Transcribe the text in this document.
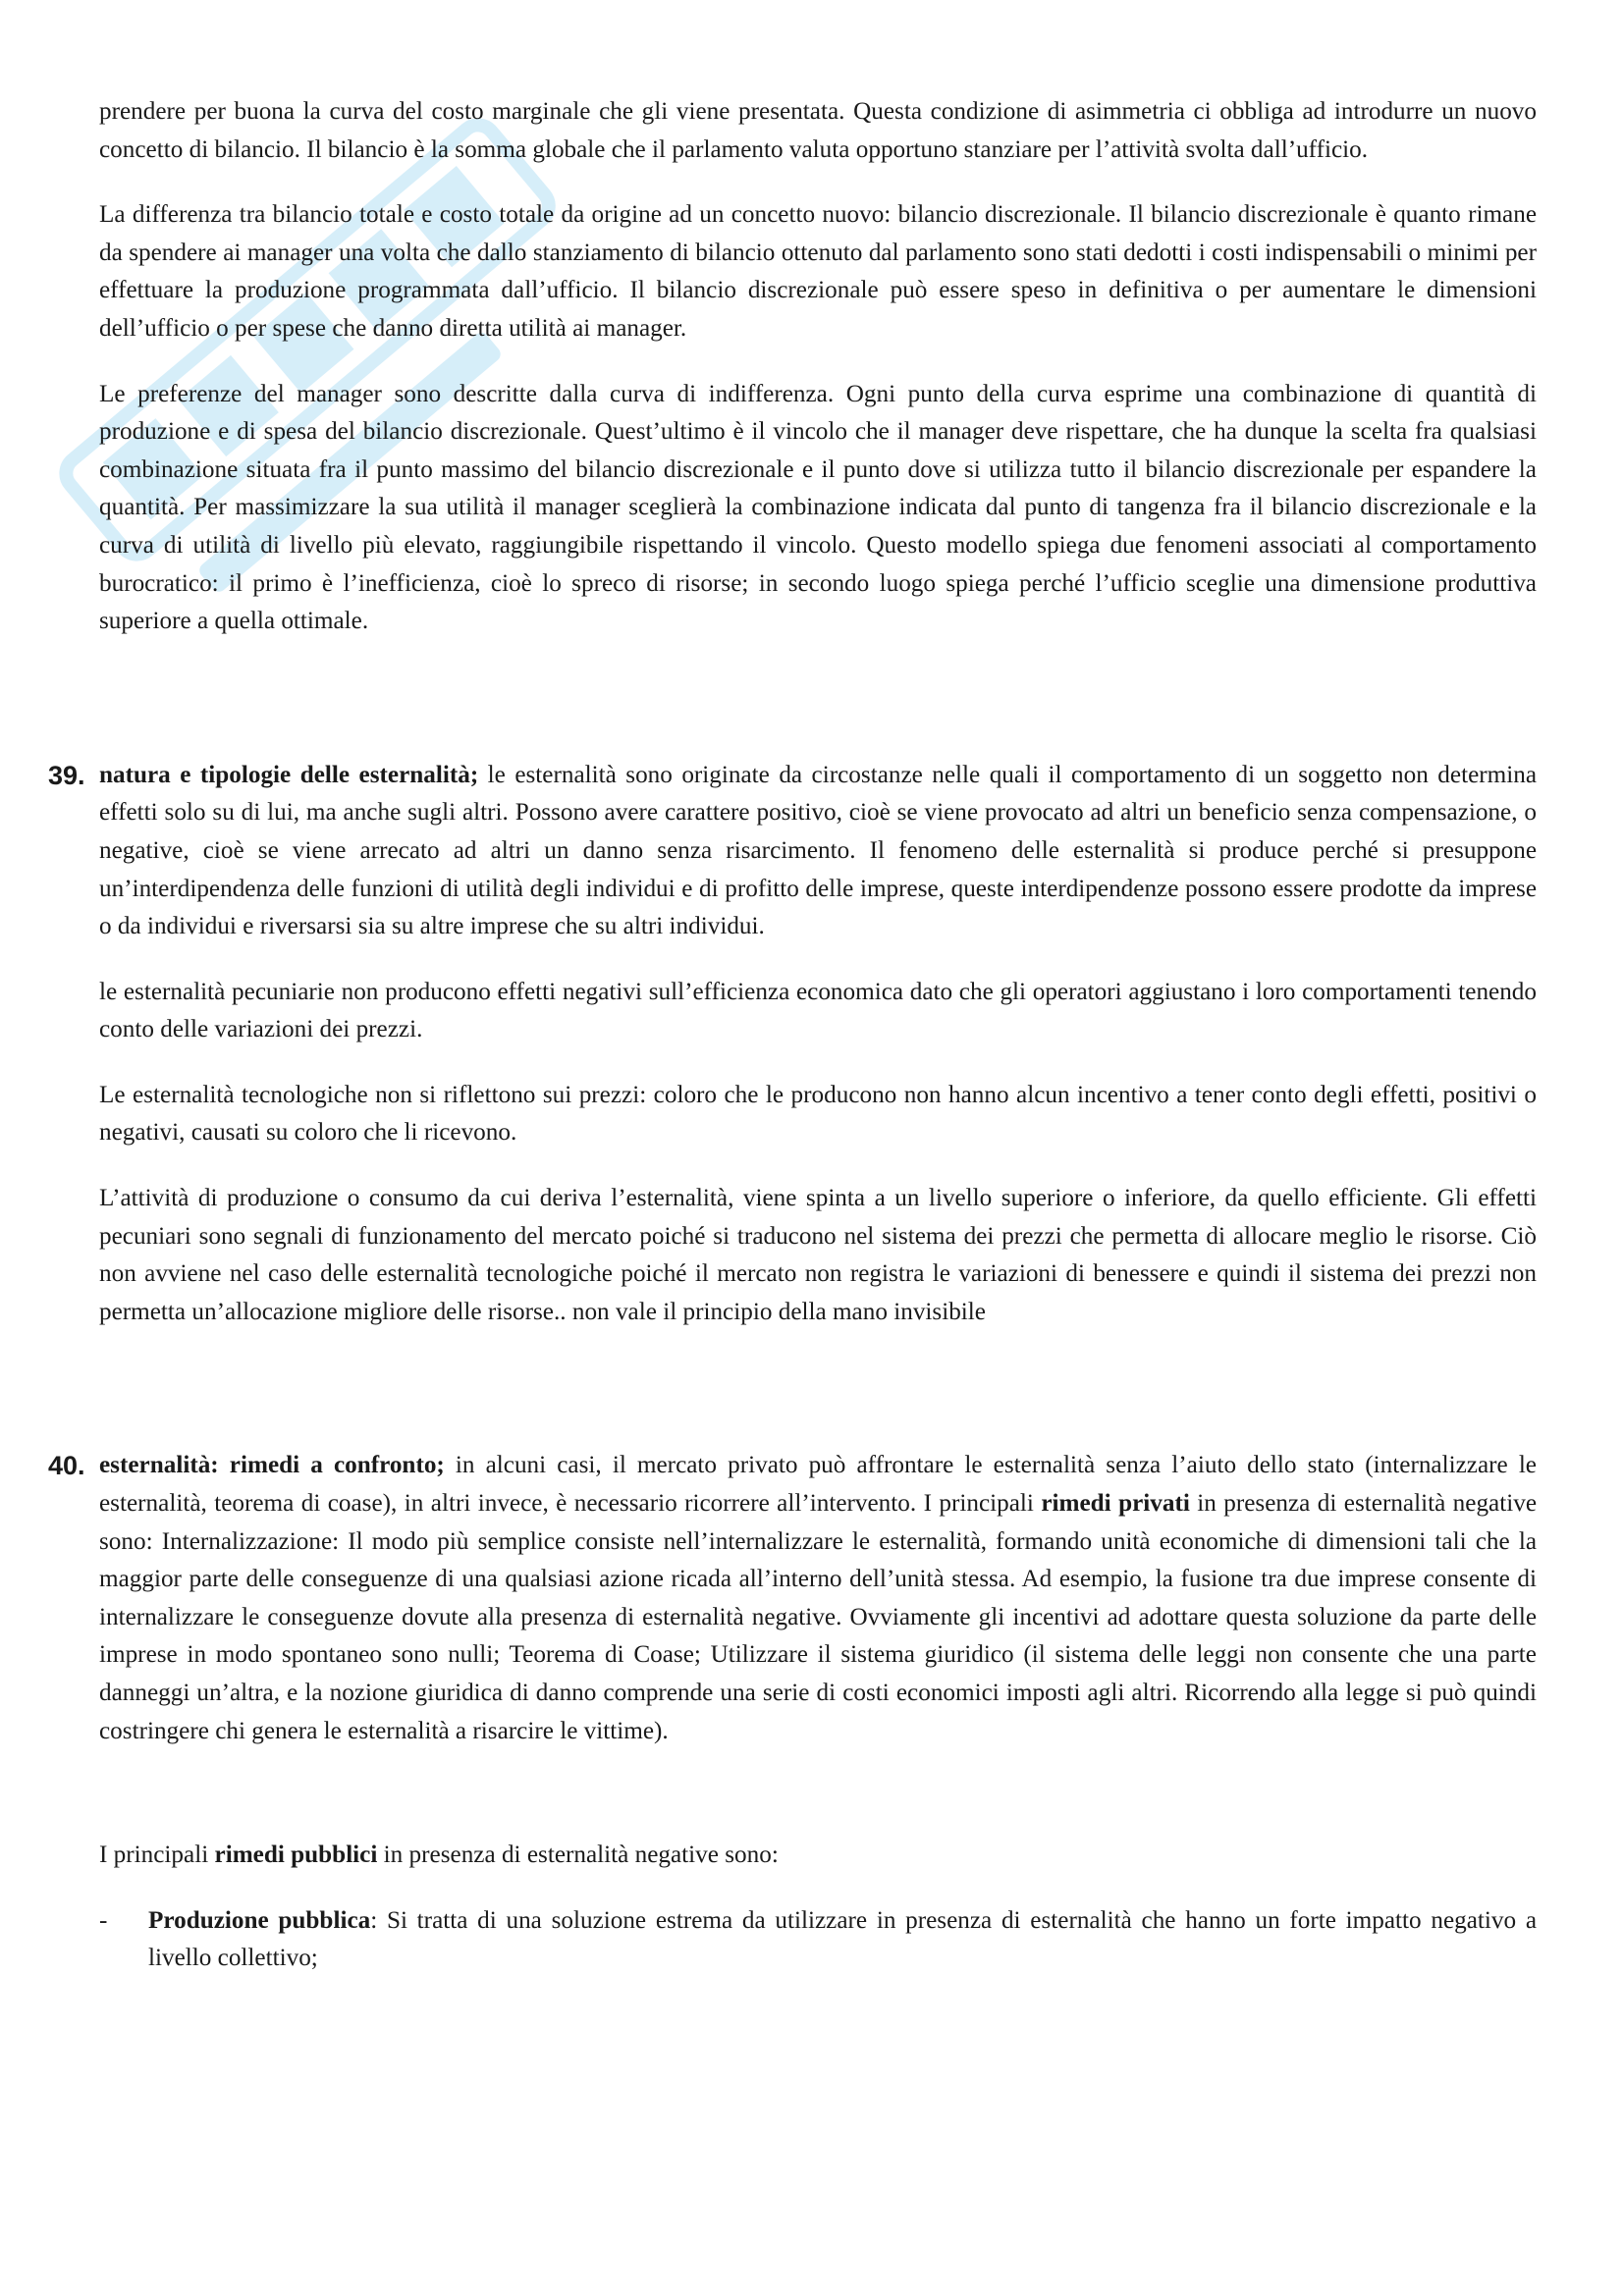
prendere per buona la curva del costo marginale che gli viene presentata. Questa condizione di asimmetria ci obbliga ad introdurre un nuovo concetto di bilancio. Il bilancio è la somma globale che il parlamento valuta opportuno stanziare per l’attività svolta dall’ufficio.

La differenza tra bilancio totale e costo totale da origine ad un concetto nuovo: bilancio discrezionale. Il bilancio discrezionale è quanto rimane da spendere ai manager una volta che dallo stanziamento di bilancio ottenuto dal parlamento sono stati dedotti i costi indispensabili o minimi per effettuare la produzione programmata dall’ufficio. Il bilancio discrezionale può essere speso in definitiva o per aumentare le dimensioni dell’ufficio o per spese che danno diretta utilità ai manager.

Le preferenze del manager sono descritte dalla curva di indifferenza. Ogni punto della curva esprime una combinazione di quantità di produzione e di spesa del bilancio discrezionale. Quest’ultimo è il vincolo che il manager deve rispettare, che ha dunque la scelta fra qualsiasi combinazione situata fra il punto massimo del bilancio discrezionale e il punto dove si utilizza tutto il bilancio discrezionale per espandere la quantità. Per massimizzare la sua utilità il manager sceglierà la combinazione indicata dal punto di tangenza fra il bilancio discrezionale e la curva di utilità di livello più elevato, raggiungibile rispettando il vincolo. Questo modello spiega due fenomeni associati al comportamento burocratico: il primo è l’inefficienza, cioè lo spreco di risorse; in secondo luogo spiega perché l’ufficio sceglie una dimensione produttiva superiore a quella ottimale.

39. natura e tipologie delle esternalità; le esternalità sono originate da circostanze nelle quali il comportamento di un soggetto non determina effetti solo su di lui, ma anche sugli altri. Possono avere carattere positivo, cioè se viene provocato ad altri un beneficio senza compensazione, o negative, cioè se viene arrecato ad altri un danno senza risarcimento. Il fenomeno delle esternalità si produce perché si presuppone un’interdipendenza delle funzioni di utilità degli individui e di profitto delle imprese, queste interdipendenze possono essere prodotte da imprese o da individui e riversarsi sia su altre imprese che su altri individui.

le esternalità pecuniarie non producono effetti negativi sull’efficienza economica dato che gli operatori aggiustano i loro comportamenti tenendo conto delle variazioni dei prezzi.

Le esternalità tecnologiche non si riflettono sui prezzi: coloro che le producono non hanno alcun incentivo a tener conto degli effetti, positivi o negativi, causati su coloro che li ricevono.

L’attività di produzione o consumo da cui deriva l’esternalità, viene spinta a un livello superiore o inferiore, da quello efficiente. Gli effetti pecuniari sono segnali di funzionamento del mercato poiché si traducono nel sistema dei prezzi che permetta di allocare meglio le risorse. Ciò non avviene nel caso delle esternalità tecnologiche poiché il mercato non registra le variazioni di benessere e quindi il sistema dei prezzi non permetta un’allocazione migliore delle risorse.. non vale il principio della mano invisibile

40. esternalità: rimedi a confronto; in alcuni casi, il mercato privato può affrontare le esternalità senza l’aiuto dello stato (internalizzare le esternalità, teorema di coase), in altri invece, è necessario ricorrere all’intervento. I principali rimedi privati in presenza di esternalità negative sono: Internalizzazione: Il modo più semplice consiste nell’internalizzare le esternalità, formando unità economiche di dimensioni tali che la maggior parte delle conseguenze di una qualsiasi azione ricada all’interno dell’unità stessa. Ad esempio, la fusione tra due imprese consente di internalizzare le conseguenze dovute alla presenza di esternalità negative. Ovviamente gli incentivi ad adottare questa soluzione da parte delle imprese in modo spontaneo sono nulli; Teorema di Coase; Utilizzare il sistema giuridico (il sistema delle leggi non consente che una parte danneggi un’altra, e la nozione giuridica di danno comprende una serie di costi economici imposti agli altri. Ricorrendo alla legge si può quindi costringere chi genera le esternalità a risarcire le vittime).

I principali rimedi pubblici in presenza di esternalità negative sono:

- Produzione pubblica: Si tratta di una soluzione estrema da utilizzare in presenza di esternalità che hanno un forte impatto negativo a livello collettivo;
